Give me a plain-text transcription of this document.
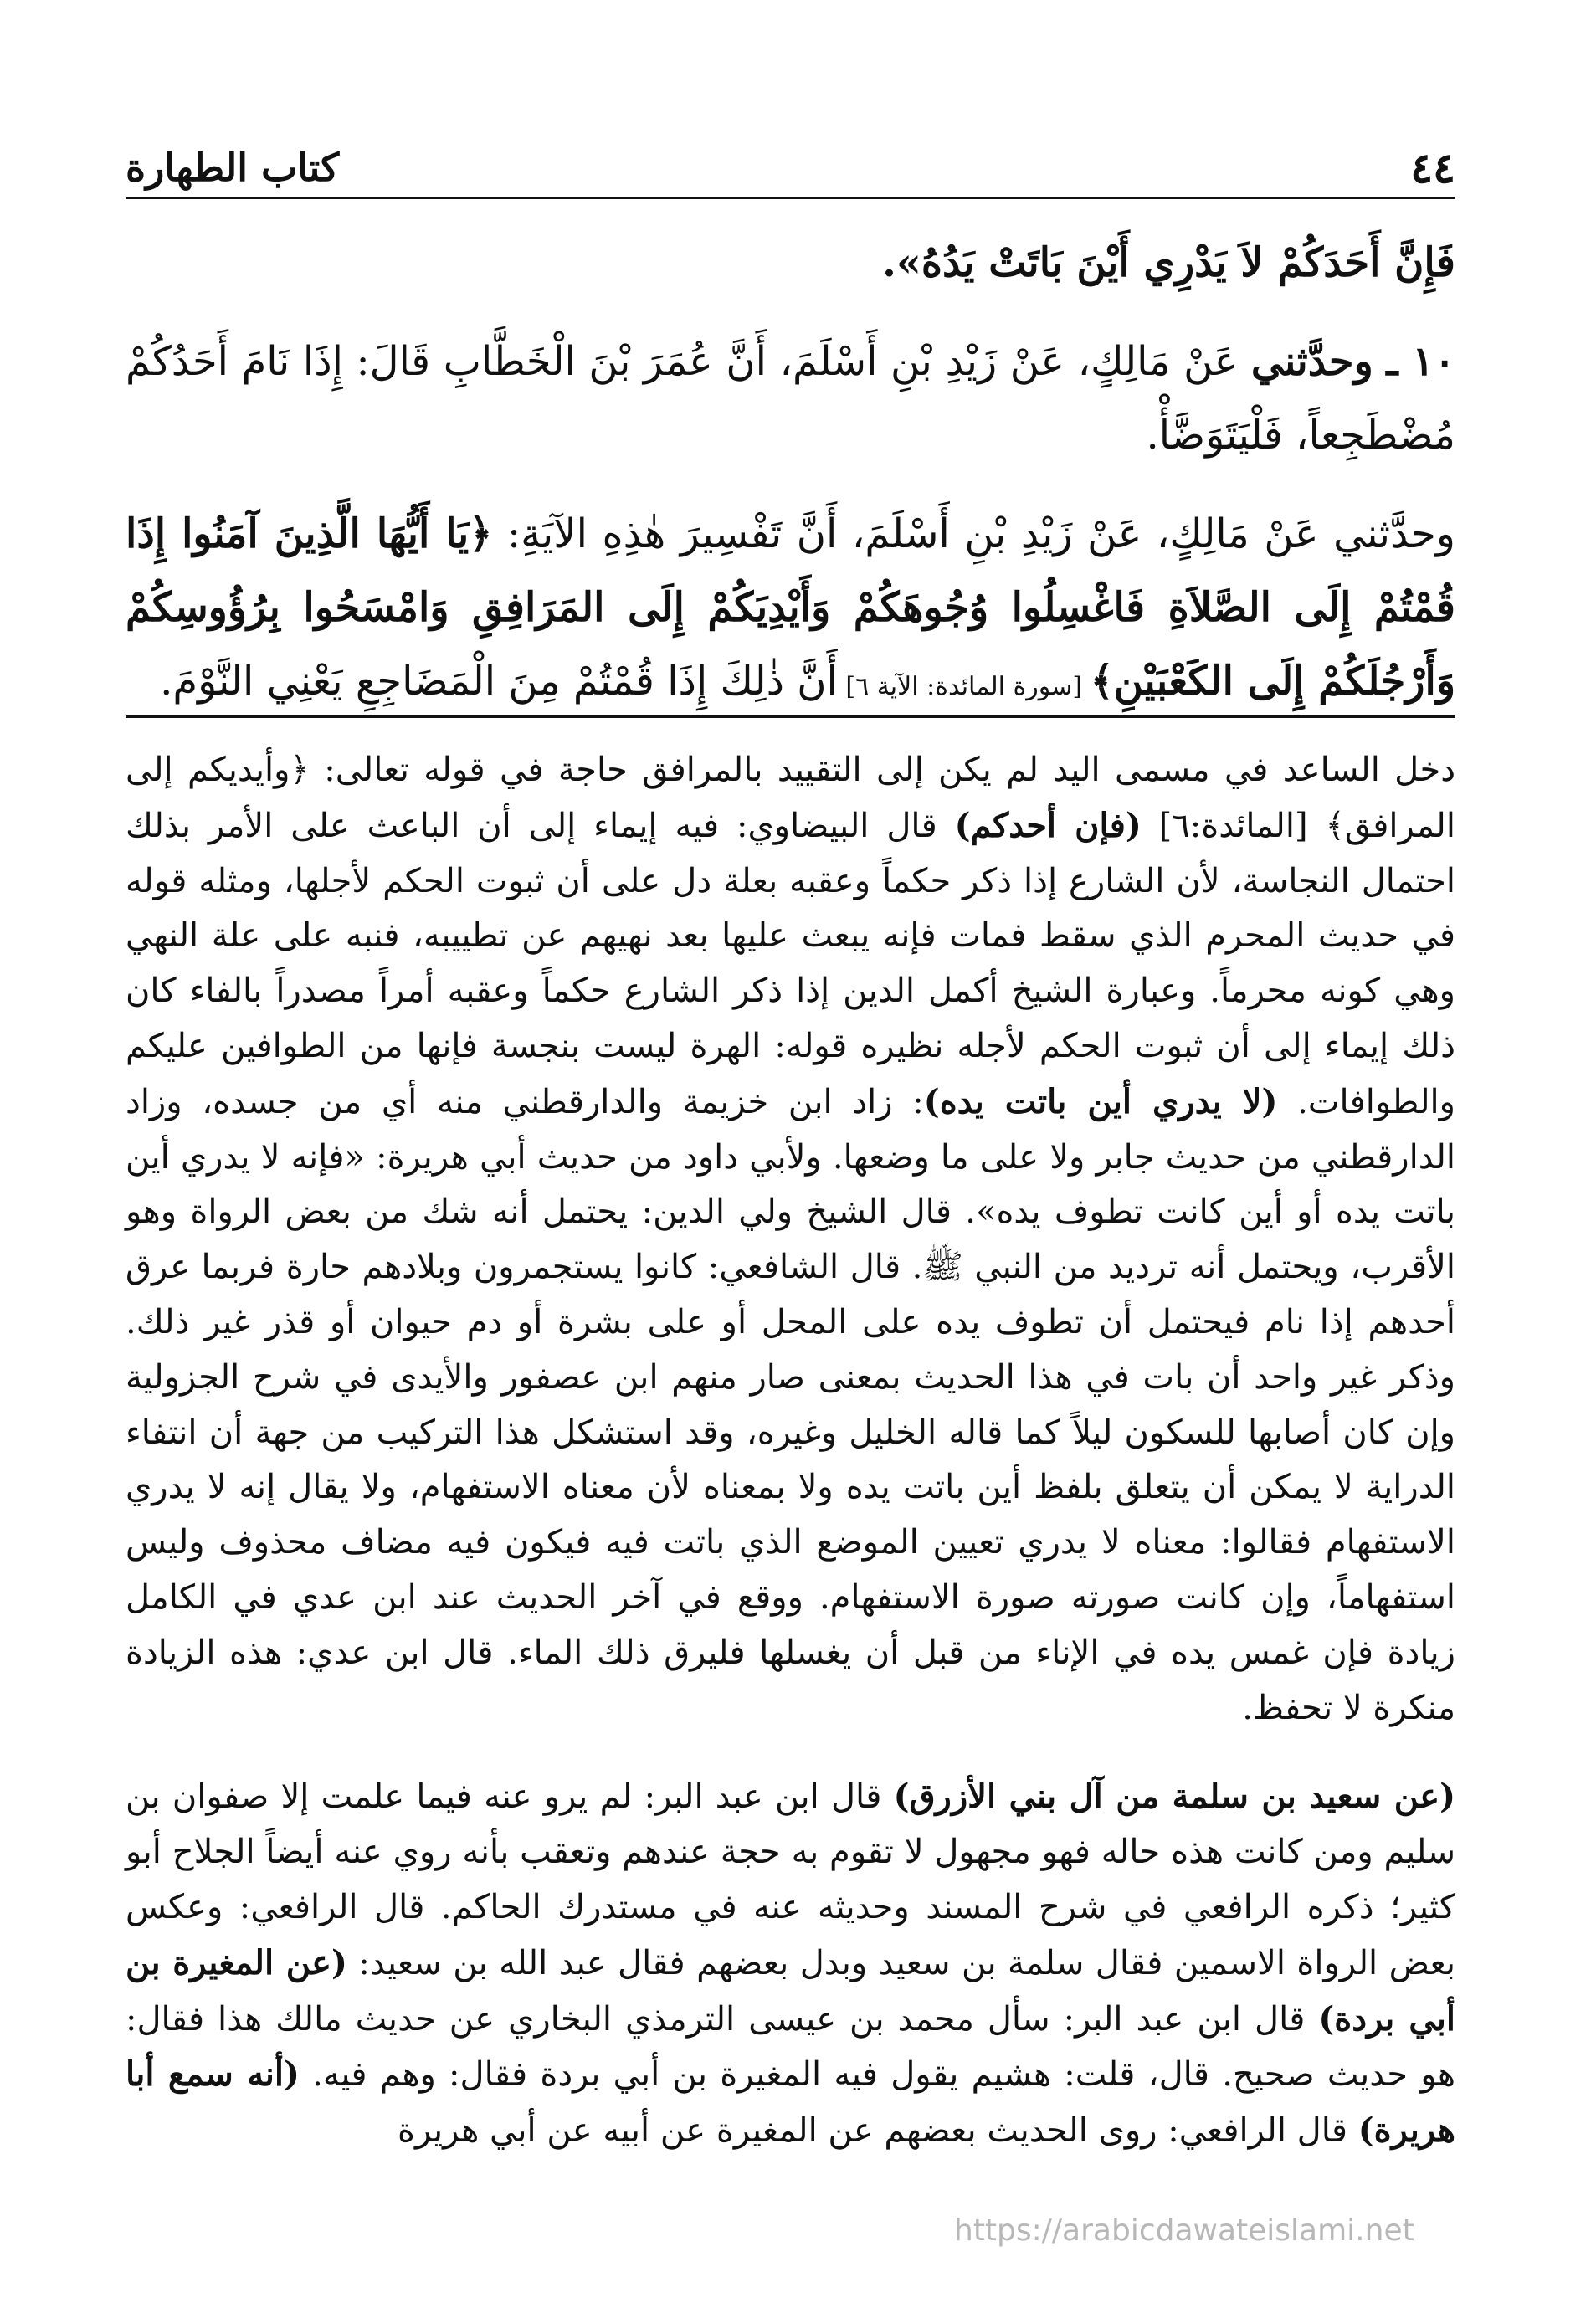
٤٤
كتاب الطهارة

فَإِنَّ أَحَدَكُمْ لاَ يَدْرِي أَيْنَ بَاتَتْ يَدُهُ».

١٠ ـ وحدَّثني عَنْ مَالِكٍ، عَنْ زَيْدِ بْنِ أَسْلَمَ، أَنَّ عُمَرَ بْنَ الْخَطَّابِ قَالَ: إِذَا نَامَ أَحَدُكُمْ مُضْطَجِعاً، فَلْيَتَوَضَّأْ.

وحدَّثني عَنْ مَالِكٍ، عَنْ زَيْدِ بْنِ أَسْلَمَ، أَنَّ تَفْسِيرَ هٰذِهِ الآيَةِ: ﴿يَا أَيُّهَا الَّذِينَ آمَنُوا إِذَا قُمْتُمْ إِلَى الصَّلاَةِ فَاغْسِلُوا وُجُوهَكُمْ وَأَيْدِيَكُمْ إِلَى المَرَافِقِ وَامْسَحُوا بِرُؤُوسِكُمْ وَأَرْجُلَكُمْ إِلَى الكَعْبَيْنِ﴾ [سورة المائدة: الآية ٦] أَنَّ ذٰلِكَ إِذَا قُمْتُمْ مِنَ الْمَضَاجِعِ يَعْنِي النَّوْمَ.

دخل الساعد في مسمى اليد لم يكن إلى التقييد بالمرافق حاجة في قوله تعالى: ﴿وأيديكم إلى المرافق﴾ [المائدة:٦] (فإن أحدكم) قال البيضاوي: فيه إيماء إلى أن الباعث على الأمر بذلك احتمال النجاسة، لأن الشارع إذا ذكر حكماً وعقبه بعلة دل على أن ثبوت الحكم لأجلها، ومثله قوله في حديث المحرم الذي سقط فمات فإنه يبعث عليها بعد نهيهم عن تطييبه، فنبه على علة النهي وهي كونه محرماً. وعبارة الشيخ أكمل الدين إذا ذكر الشارع حكماً وعقبه أمراً مصدراً بالفاء كان ذلك إيماء إلى أن ثبوت الحكم لأجله نظيره قوله: الهرة ليست بنجسة فإنها من الطوافين عليكم والطوافات. (لا يدري أين باتت يده): زاد ابن خزيمة والدارقطني منه أي من جسده، وزاد الدارقطني من حديث جابر ولا على ما وضعها. ولأبي داود من حديث أبي هريرة: «فإنه لا يدري أين باتت يده أو أين كانت تطوف يده». قال الشيخ ولي الدين: يحتمل أنه شك من بعض الرواة وهو الأقرب، ويحتمل أنه ترديد من النبي ﷺ. قال الشافعي: كانوا يستجمرون وبلادهم حارة فربما عرق أحدهم إذا نام فيحتمل أن تطوف يده على المحل أو على بشرة أو دم حيوان أو قذر غير ذلك. وذكر غير واحد أن بات في هذا الحديث بمعنى صار منهم ابن عصفور والأيدى في شرح الجزولية وإن كان أصابها للسكون ليلاً كما قاله الخليل وغيره، وقد استشكل هذا التركيب من جهة أن انتفاء الدراية لا يمكن أن يتعلق بلفظ أين باتت يده ولا بمعناه لأن معناه الاستفهام، ولا يقال إنه لا يدري الاستفهام فقالوا: معناه لا يدري تعيين الموضع الذي باتت فيه فيكون فيه مضاف محذوف وليس استفهاماً، وإن كانت صورته صورة الاستفهام. ووقع في آخر الحديث عند ابن عدي في الكامل زيادة فإن غمس يده في الإناء من قبل أن يغسلها فليرق ذلك الماء. قال ابن عدي: هذه الزيادة منكرة لا تحفظ.

(عن سعيد بن سلمة من آل بني الأزرق) قال ابن عبد البر: لم يرو عنه فيما علمت إلا صفوان بن سليم ومن كانت هذه حاله فهو مجهول لا تقوم به حجة عندهم وتعقب بأنه روي عنه أيضاً الجلاح أبو كثير؛ ذكره الرافعي في شرح المسند وحديثه عنه في مستدرك الحاكم. قال الرافعي: وعكس بعض الرواة الاسمين فقال سلمة بن سعيد وبدل بعضهم فقال عبد الله بن سعيد: (عن المغيرة بن أبي بردة) قال ابن عبد البر: سأل محمد بن عيسى الترمذي البخاري عن حديث مالك هذا فقال: هو حديث صحيح. قال، قلت: هشيم يقول فيه المغيرة بن أبي بردة فقال: وهم فيه. (أنه سمع أبا هريرة) قال الرافعي: روى الحديث بعضهم عن المغيرة عن أبيه عن أبي هريرة

https://arabicdawateislami.net
